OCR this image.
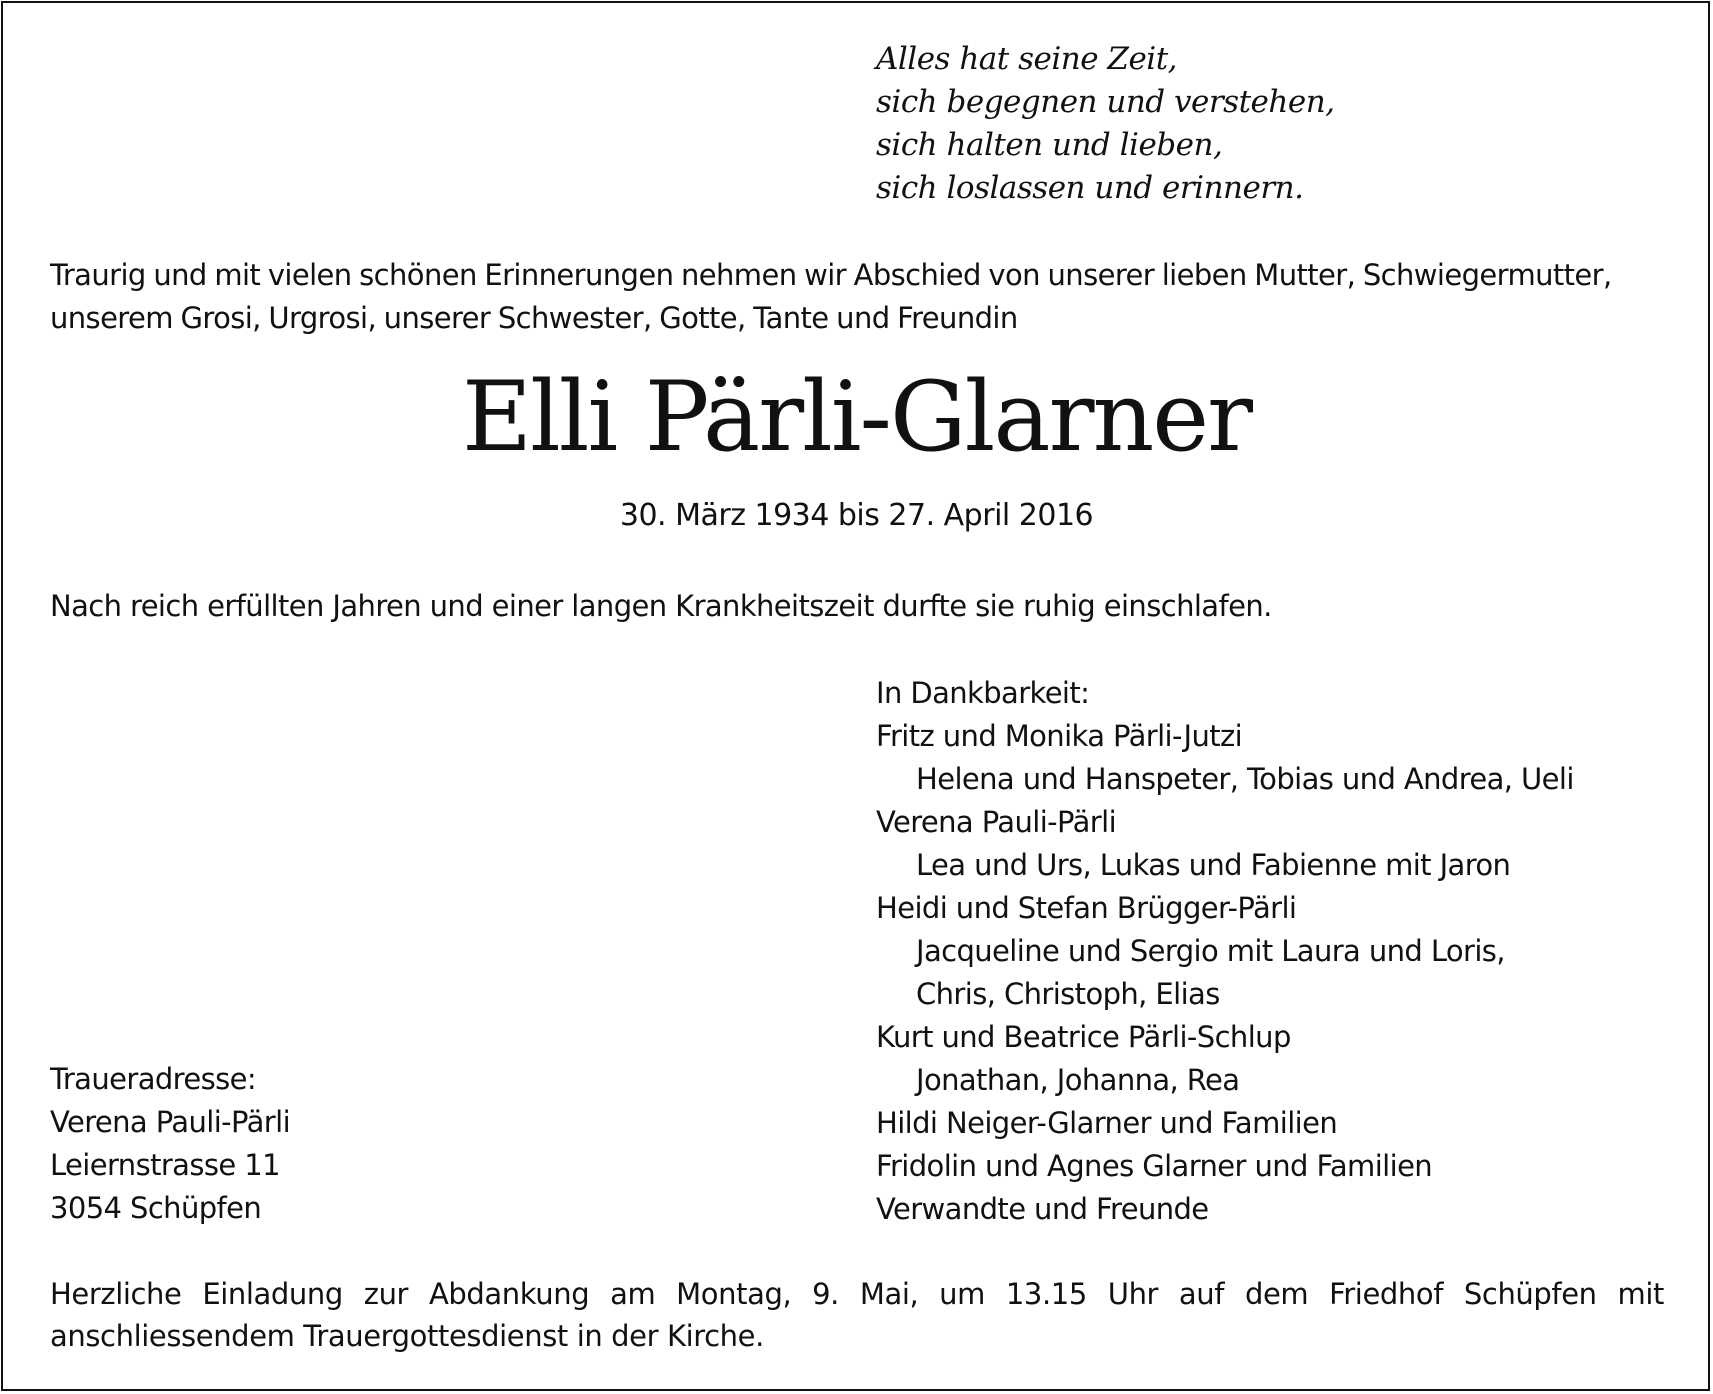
Alles hat seine Zeit,
sich begegnen und verstehen,
sich halten und lieben,
sich loslassen und erinnern.
Traurig und mit vielen schönen Erinnerungen nehmen wir Abschied von unserer lieben Mutter, Schwiegermutter,
unserem Grosi, Urgrosi, unserer Schwester, Gotte, Tante und Freundin
Elli Pärli-Glarner
30. März 1934 bis 27. April 2016
Nach reich erfüllten Jahren und einer langen Krankheitszeit durfte sie ruhig einschlafen.
In Dankbarkeit:
Fritz und Monika Pärli-Jutzi
Helena und Hanspeter, Tobias und Andrea, Ueli
Verena Pauli-Pärli
Lea und Urs, Lukas und Fabienne mit Jaron
Heidi und Stefan Brügger-Pärli
Jacqueline und Sergio mit Laura und Loris,
Chris, Christoph, Elias
Kurt und Beatrice Pärli-Schlup
Jonathan, Johanna, Rea
Hildi Neiger-Glarner und Familien
Fridolin und Agnes Glarner und Familien
Verwandte und Freunde
Traueradresse:
Verena Pauli-Pärli
Leiernstrasse 11
3054 Schüpfen
Herzliche Einladung zur Abdankung am Montag, 9. Mai, um 13.15 Uhr auf dem Friedhof Schüpfen mit
anschliessendem Trauergottesdienst in der Kirche.
